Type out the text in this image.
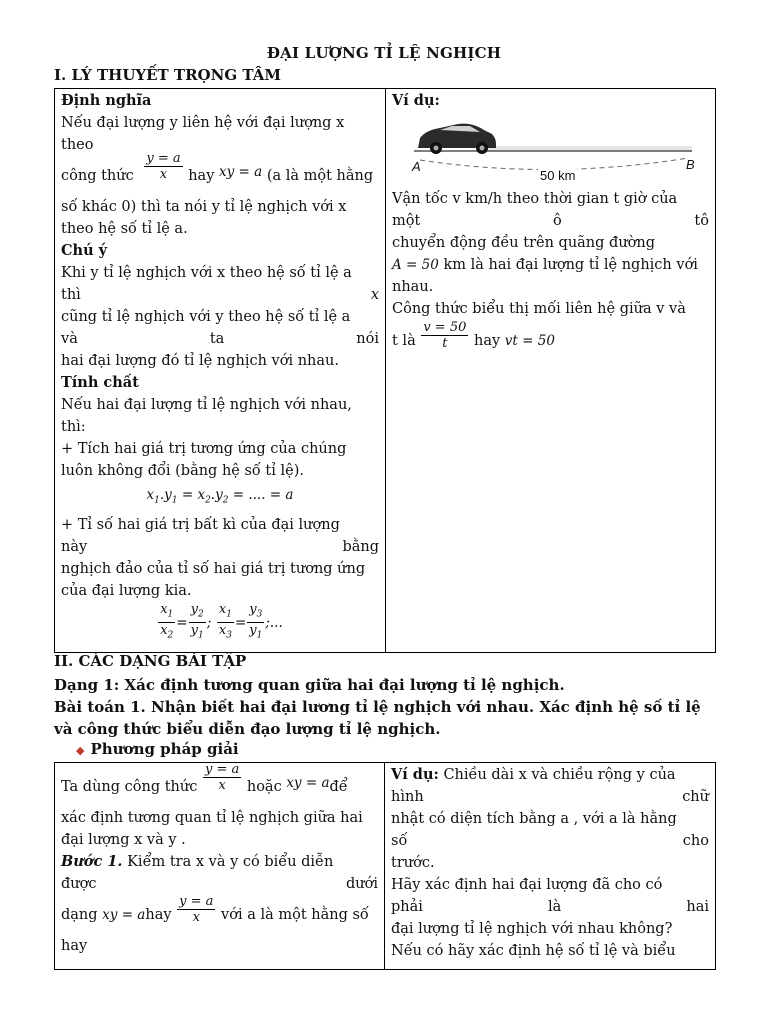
ĐẠI LƯỢNG TỈ LỆ NGHỊCH
I. LÝ THUYẾT TRỌNG TÂM
Định nghĩa
Nếu đại lượng y liên hệ với đại lượng x
theo
công thức $\frac{y = a}{x}$ hay xy = a (a là một hằng
số khác 0) thì ta nói y tỉ lệ nghịch với x
theo hệ số tỉ lệ a.
Chú ý
Khi y tỉ lệ nghịch với x theo hệ số tỉ lệ a
thì	x
cũng tỉ lệ nghịch với y theo hệ số tỉ lệ a
và	ta	nói
hai đại lượng đó tỉ lệ nghịch với nhau.
Tính chất
Nếu hai đại lượng tỉ lệ nghịch với nhau,
thì:
+ Tích hai giá trị tương ứng của chúng
luôn không đổi (bằng hệ số tỉ lệ).
$x_1.y_1 = x_2.y_2$ = .... = a
+ Tỉ số hai giá trị bất kì của đại lượng
này	bằng
nghịch đảo của tỉ số hai giá trị tương ứng
của đại lượng kia.
$\frac{x_1}{x_2} = \frac{y_2}{y_1}$ ; $\frac{x_1}{x_3} = \frac{y_3}{y_1}$ ;...

Ví dụ:
A	B
50 km
Vận tốc v km/h theo thời gian t giờ của
một	ô	tô
chuyển động đều trên quãng đường
A = 50 km là hai đại lượng tỉ lệ nghịch với
nhau.
Công thức biểu thị mối liên hệ giữa v và
t là $\frac{v = 50}{t}$ hay vt = 50
II. CÁC DẠNG BÀI TẬP
Dạng 1: Xác định tương quan giữa hai đại lượng tỉ lệ nghịch.
Bài toán 1. Nhận biết hai đại lương tỉ lệ nghịch với nhau. Xác định hệ số tỉ lệ
và công thức biểu diễn đạo lượng tỉ lệ nghịch.
◆ Phương pháp giải
Ta dùng công thức $\frac{y = a}{x}$ hoặc xy = ađể
xác định tương quan tỉ lệ nghịch giữa hai
đại lượng x và y .
Bước 1. Kiểm tra x và y có biểu diễn
được	dưới
dạng xy = ahay $\frac{y = a}{x}$ với a là một hằng số
hay

Ví dụ: Chiều dài x và chiều rộng y của
hình	chữ
nhật có diện tích bằng a , với a là hằng
số	cho
trước.
Hãy xác định hai đại lượng đã cho có
phải	là	hai
đại lượng tỉ lệ nghịch với nhau không?
Nếu có hãy xác định hệ số tỉ lệ và biểu
